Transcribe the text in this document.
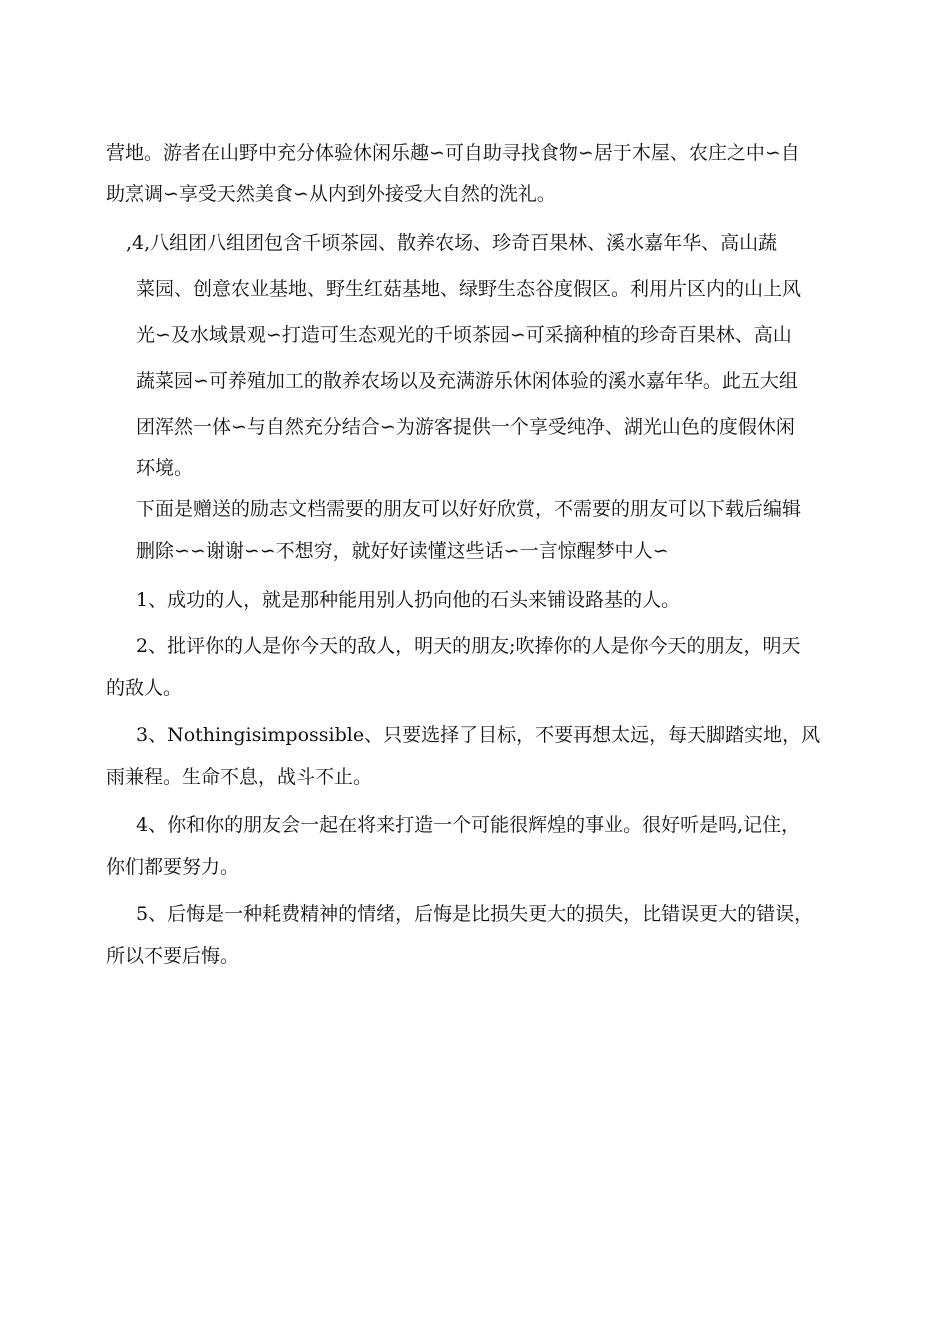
营地。游者在山野中充分体验休闲乐趣∽可自助寻找食物∽居于木屋、农庄之中∽自
助烹调∽享受天然美食∽从内到外接受大自然的洗礼。
,4,八组团八组团包含千顷茶园、散养农场、珍奇百果林、溪水嘉年华、高山蔬
菜园、创意农业基地、野生红菇基地、绿野生态谷度假区。利用片区内的山上风
光∽及水域景观∽打造可生态观光的千顷茶园∽可采摘种植的珍奇百果林、高山
蔬菜园∽可养殖加工的散养农场以及充满游乐休闲体验的溪水嘉年华。此五大组
团浑然一体∽与自然充分结合∽为游客提供一个享受纯净、湖光山色的度假休闲
环境。
下面是赠送的励志文档需要的朋友可以好好欣赏，不需要的朋友可以下载后编辑
删除∽∽谢谢∽∽不想穷，就好好读懂这些话∽一言惊醒梦中人∽
1、成功的人，就是那种能用别人扔向他的石头来铺设路基的人。
2、批评你的人是你今天的敌人，明天的朋友;吹捧你的人是你今天的朋友，明天
的敌人。
3、Nothingisimpossible、只要选择了目标，不要再想太远，每天脚踏实地，风
雨兼程。生命不息，战斗不止。
4、你和你的朋友会一起在将来打造一个可能很辉煌的事业。很好听是吗,记住，
你们都要努力。
5、后悔是一种耗费精神的情绪，后悔是比损失更大的损失，比错误更大的错误，
所以不要后悔。
